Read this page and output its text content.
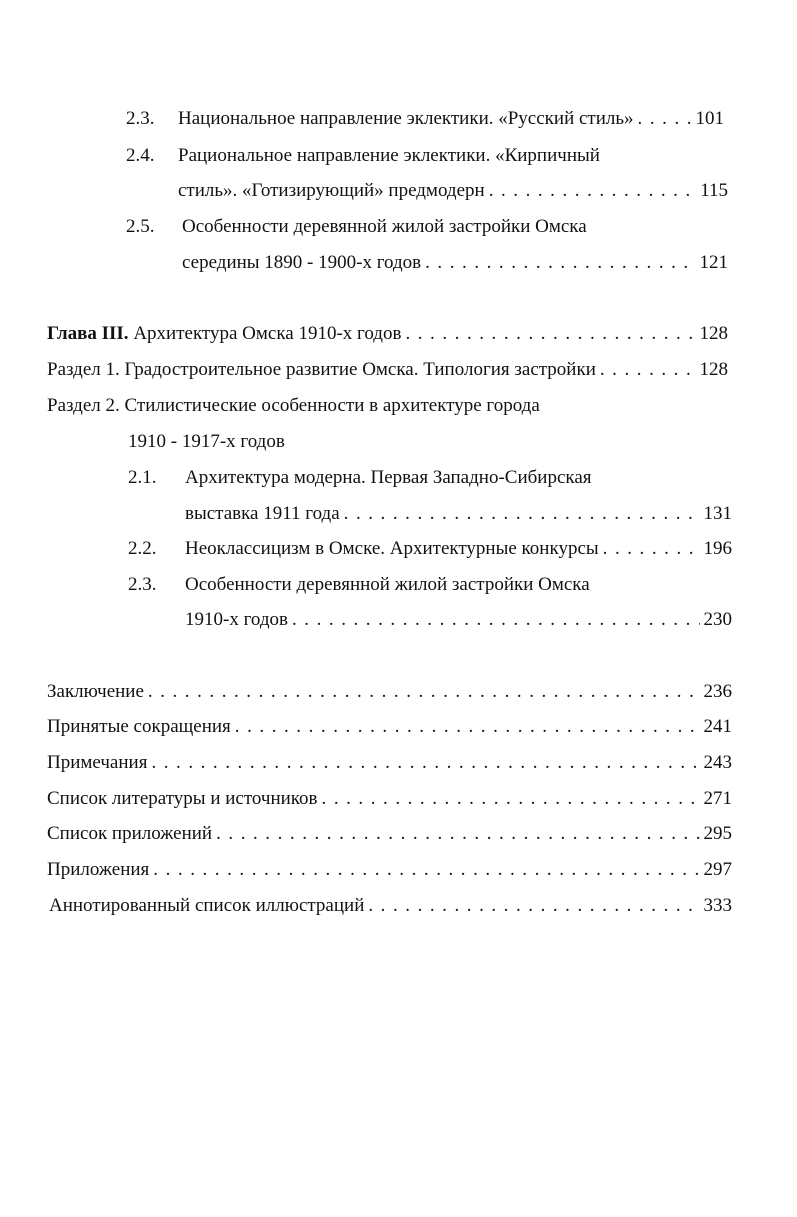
2.3. Национальное направление эклектики. «Русский стиль» . . .	101
2.4. Рациональное направление эклектики. «Кирпичный
стиль». «Готизирующий» предмодерн . . .	115
2.5. Особенности деревянной жилой застройки Омска
середины 1890 - 1900-х годов . . .	121
Глава III. Архитектура Омска 1910-х годов . . .	128
Раздел 1. Градостроительное развитие Омска. Типология застройки . . .	128
Раздел 2. Стилистические особенности в архитектуре города
1910 - 1917-х годов
2.1. Архитектура модерна. Первая Западно-Сибирская
выставка 1911 года . . .	131
2.2. Неоклассицизм в Омске. Архитектурные конкурсы . . .	196
2.3. Особенности деревянной жилой застройки Омска
1910-х годов . . .	230
Заключение . . .	236
Принятые сокращения . . .	241
Примечания . . .	243
Список литературы и источников . . .	271
Список приложений . . .	295
Приложения . . .	297
Аннотированный список иллюстраций . . .	333
